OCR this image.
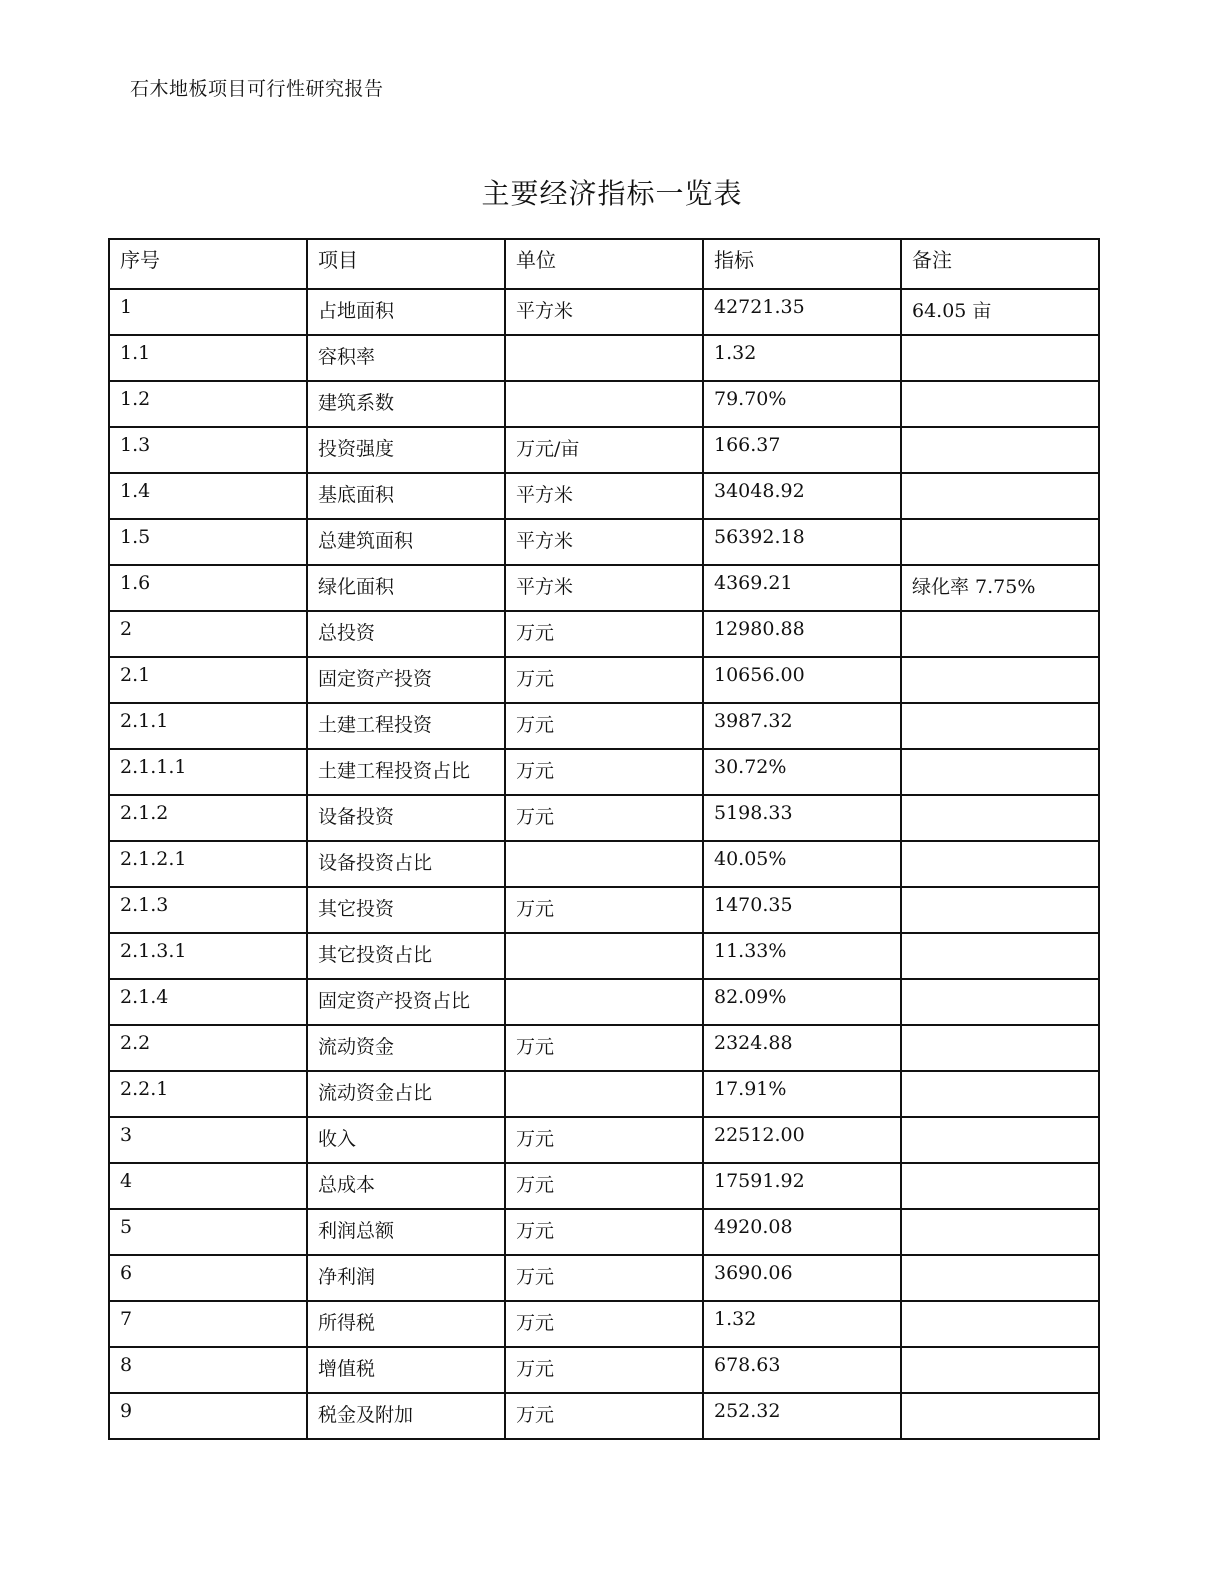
石木地板项目可行性研究报告
主要经济指标一览表
序号	项目	单位	指标	备注
1	占地面积	平方米	42721.35	64.05 亩
1.1	容积率		1.32	
1.2	建筑系数		79.70%	
1.3	投资强度	万元/亩	166.37	
1.4	基底面积	平方米	34048.92	
1.5	总建筑面积	平方米	56392.18	
1.6	绿化面积	平方米	4369.21	绿化率 7.75%
2	总投资	万元	12980.88	
2.1	固定资产投资	万元	10656.00	
2.1.1	土建工程投资	万元	3987.32	
2.1.1.1	土建工程投资占比	万元	30.72%	
2.1.2	设备投资	万元	5198.33	
2.1.2.1	设备投资占比		40.05%	
2.1.3	其它投资	万元	1470.35	
2.1.3.1	其它投资占比		11.33%	
2.1.4	固定资产投资占比		82.09%	
2.2	流动资金	万元	2324.88	
2.2.1	流动资金占比		17.91%	
3	收入	万元	22512.00	
4	总成本	万元	17591.92	
5	利润总额	万元	4920.08	
6	净利润	万元	3690.06	
7	所得税	万元	1.32	
8	增值税	万元	678.63	
9	税金及附加	万元	252.32	
